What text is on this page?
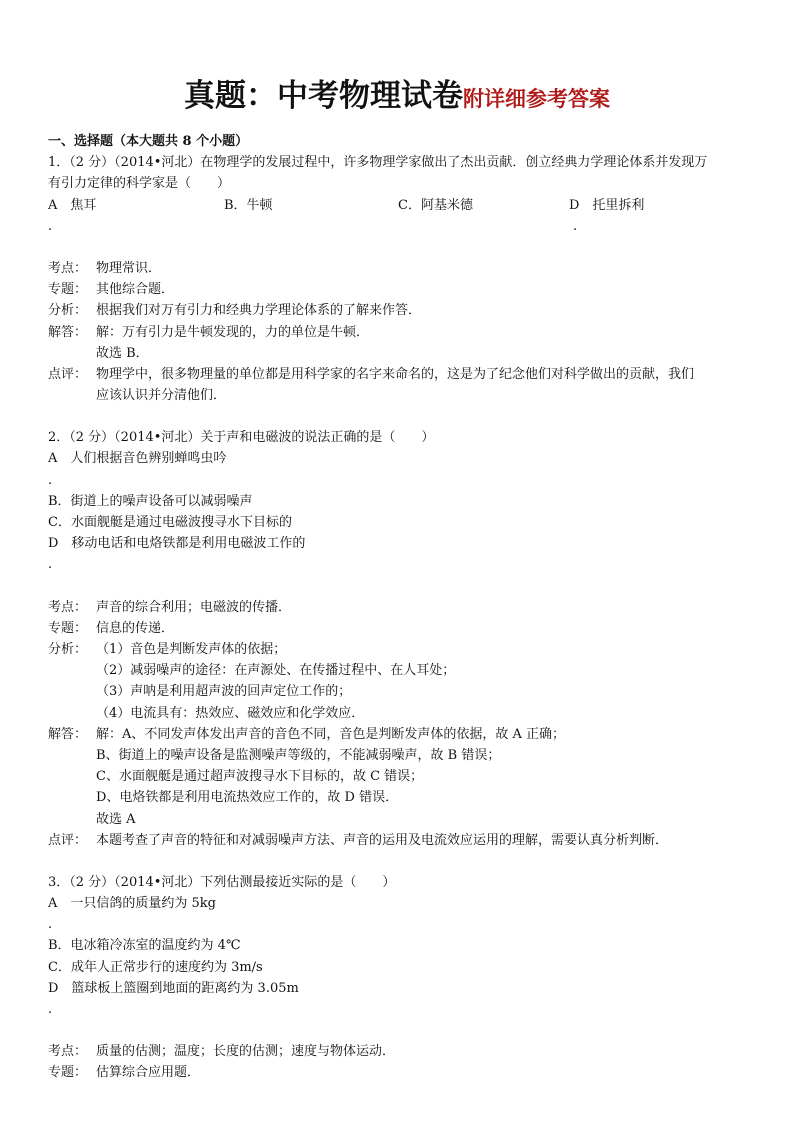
真题：中考物理试卷附详细参考答案
一、选择题（本大题共 8 个小题）
1．（2 分）（2014•河北）在物理学的发展过程中，许多物理学家做出了杰出贡献．创立经典力学理论体系并发现万
有引力定律的科学家是（　　）
A　焦耳	B．牛顿	C．阿基米德	D　托里拆利
.	.
考点： 物理常识．
专题： 其他综合题．
分析： 根据我们对万有引力和经典力学理论体系的了解来作答．
解答： 解：万有引力是牛顿发现的，力的单位是牛顿．
故选 B．
点评： 物理学中，很多物理量的单位都是用科学家的名字来命名的，这是为了纪念他们对科学做出的贡献，我们
应该认识并分清他们．
2．（2 分）（2014•河北）关于声和电磁波的说法正确的是（　　）
A　人们根据音色辨别蝉鸣虫吟
.
B．街道上的噪声设备可以减弱噪声
C．水面舰艇是通过电磁波搜寻水下目标的
D　移动电话和电烙铁都是利用电磁波工作的
.
考点： 声音的综合利用；电磁波的传播．
专题： 信息的传递．
分析： （1）音色是判断发声体的依据；
（2）减弱噪声的途径：在声源处、在传播过程中、在人耳处；
（3）声呐是利用超声波的回声定位工作的；
（4）电流具有：热效应、磁效应和化学效应．
解答： 解：A、不同发声体发出声音的音色不同，音色是判断发声体的依据，故 A 正确；
B、街道上的噪声设备是监测噪声等级的，不能减弱噪声，故 B 错误；
C、水面舰艇是通过超声波搜寻水下目标的，故 C 错误；
D、电烙铁都是利用电流热效应工作的，故 D 错误．
故选 A
点评： 本题考查了声音的特征和对减弱噪声方法、声音的运用及电流效应运用的理解，需要认真分析判断．
3．（2 分）（2014•河北）下列估测最接近实际的是（　　）
A　一只信鸽的质量约为 5kg
.
B．电冰箱冷冻室的温度约为 4℃
C．成年人正常步行的速度约为 3m/s
D　篮球板上篮圈到地面的距离约为 3.05m
.
考点： 质量的估测；温度；长度的估测；速度与物体运动．
专题： 估算综合应用题．
